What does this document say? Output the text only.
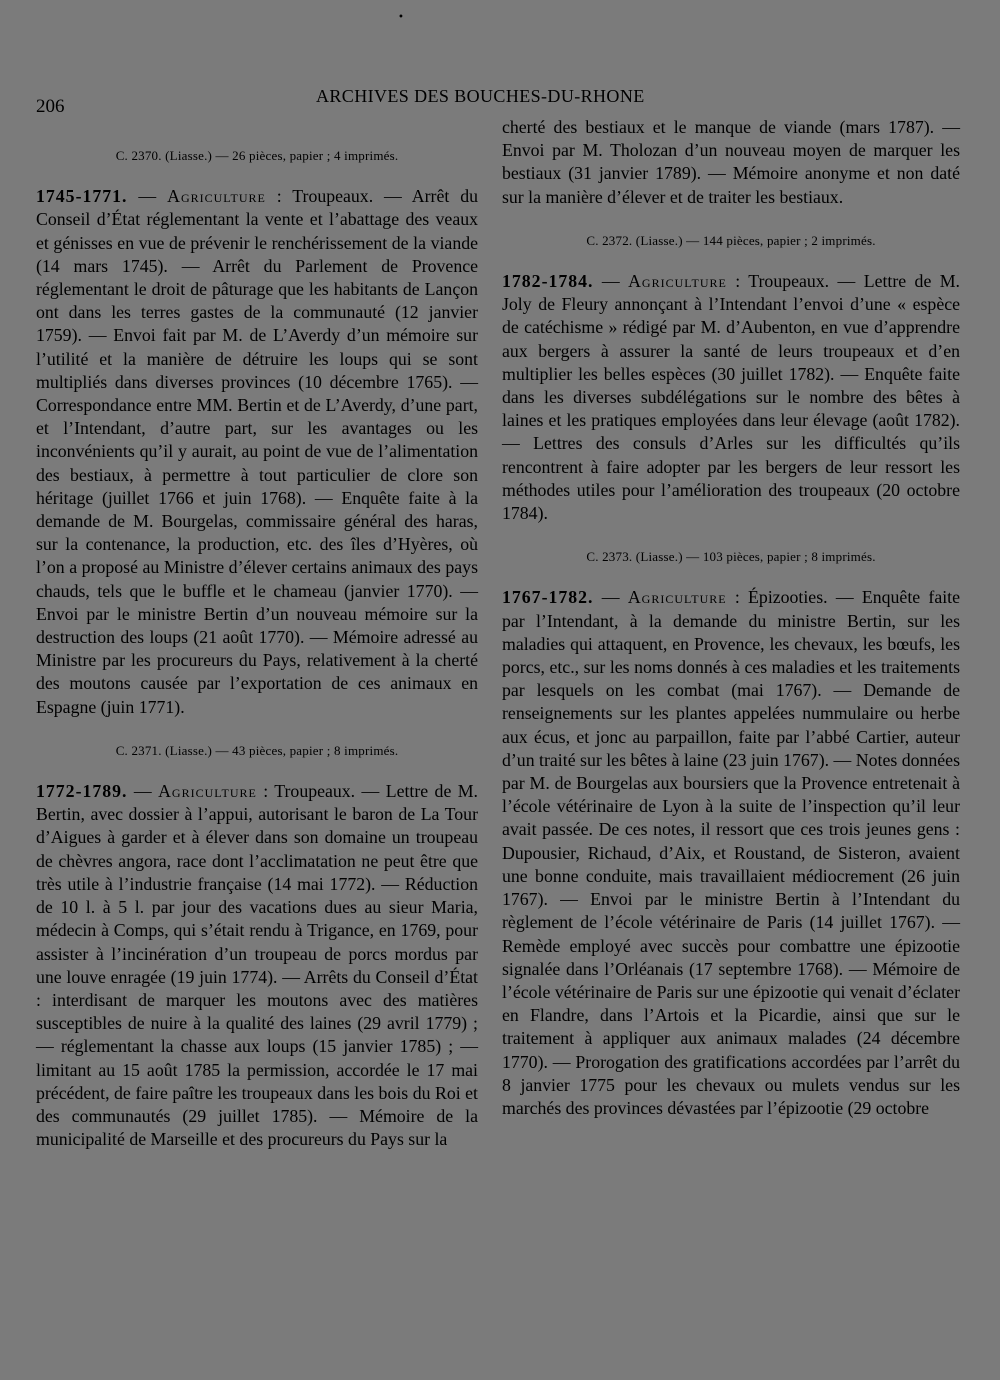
•
206	ARCHIVES DES BOUCHES-DU-RHONE
C. 2370. (Liasse.) — 26 pièces, papier ; 4 imprimés.

1745-1771. — Agriculture : Troupeaux. — Arrêt du Conseil d’État réglementant la vente et l’abattage des veaux et génisses en vue de prévenir le renchérissement de la viande (14 mars 1745). — Arrêt du Parlement de Provence réglementant le droit de pâturage que les habitants de Lançon ont dans les terres gastes de la communauté (12 janvier 1759). — Envoi fait par M. de L’Averdy d’un mémoire sur l’utilité et la manière de détruire les loups qui se sont multipliés dans diverses provinces (10 décembre 1765). — Correspondance entre MM. Bertin et de L’Averdy, d’une part, et l’Intendant, d’autre part, sur les avantages ou les inconvénients qu’il y aurait, au point de vue de l’alimentation des bestiaux, à permettre à tout particulier de clore son héritage (juillet 1766 et juin 1768). — Enquête faite à la demande de M. Bourgelas, commissaire général des haras, sur la contenance, la production, etc. des îles d’Hyères, où l’on a proposé au Ministre d’élever certains animaux des pays chauds, tels que le buffle et le chameau (janvier 1770). — Envoi par le ministre Bertin d’un nouveau mémoire sur la destruction des loups (21 août 1770). — Mémoire adressé au Ministre par les procureurs du Pays, relativement à la cherté des moutons causée par l’exportation de ces animaux en Espagne (juin 1771).

C. 2371. (Liasse.) — 43 pièces, papier ; 8 imprimés.

1772-1789. — Agriculture : Troupeaux. — Lettre de M. Bertin, avec dossier à l’appui, autorisant le baron de La Tour d’Aigues à garder et à élever dans son domaine un troupeau de chèvres angora, race dont l’acclimatation ne peut être que très utile à l’industrie française (14 mai 1772). — Réduction de 10 l. à 5 l. par jour des vacations dues au sieur Maria, médecin à Comps, qui s’était rendu à Trigance, en 1769, pour assister à l’incinération d’un troupeau de porcs mordus par une louve enragée (19 juin 1774). — Arrêts du Conseil d’État : interdisant de marquer les moutons avec des matières susceptibles de nuire à la qualité des laines (29 avril 1779) ; — réglementant la chasse aux loups (15 janvier 1785) ; — limitant au 15 août 1785 la permission, accordée le 17 mai précédent, de faire paître les troupeaux dans les bois du Roi et des communautés (29 juillet 1785). — Mémoire de la municipalité de Marseille et des procureurs du Pays sur la

cherté des bestiaux et le manque de viande (mars 1787). — Envoi par M. Tholozan d’un nouveau moyen de marquer les bestiaux (31 janvier 1789). — Mémoire anonyme et non daté sur la manière d’élever et de traiter les bestiaux.

C. 2372. (Liasse.) — 144 pièces, papier ; 2 imprimés.

1782-1784. — Agriculture : Troupeaux. — Lettre de M. Joly de Fleury annonçant à l’Intendant l’envoi d’une « espèce de catéchisme » rédigé par M. d’Aubenton, en vue d’apprendre aux bergers à assurer la santé de leurs troupeaux et d’en multiplier les belles espèces (30 juillet 1782). — Enquête faite dans les diverses subdélégations sur le nombre des bêtes à laines et les pratiques employées dans leur élevage (août 1782). — Lettres des consuls d’Arles sur les difficultés qu’ils rencontrent à faire adopter par les bergers de leur ressort les méthodes utiles pour l’amélioration des troupeaux (20 octobre 1784).

C. 2373. (Liasse.) — 103 pièces, papier ; 8 imprimés.

1767-1782. — Agriculture : Épizooties. — Enquête faite par l’Intendant, à la demande du ministre Bertin, sur les maladies qui attaquent, en Provence, les chevaux, les bœufs, les porcs, etc., sur les noms donnés à ces maladies et les traitements par lesquels on les combat (mai 1767). — Demande de renseignements sur les plantes appelées nummulaire ou herbe aux écus, et jonc au parpaillon, faite par l’abbé Cartier, auteur d’un traité sur les bêtes à laine (23 juin 1767). — Notes données par M. de Bourgelas aux boursiers que la Provence entretenait à l’école vétérinaire de Lyon à la suite de l’inspection qu’il leur avait passée. De ces notes, il ressort que ces trois jeunes gens : Dupousier, Richaud, d’Aix, et Roustand, de Sisteron, avaient une bonne conduite, mais travaillaient médiocrement (26 juin 1767). — Envoi par le ministre Bertin à l’Intendant du règlement de l’école vétérinaire de Paris (14 juillet 1767). — Remède employé avec succès pour combattre une épizootie signalée dans l’Orléanais (17 septembre 1768). — Mémoire de l’école vétérinaire de Paris sur une épizootie qui venait d’éclater en Flandre, dans l’Artois et la Picardie, ainsi que sur le traitement à appliquer aux animaux malades (24 décembre 1770). — Prorogation des gratifications accordées par l’arrêt du 8 janvier 1775 pour les chevaux ou mulets vendus sur les marchés des provinces dévastées par l’épizootie (29 octobre
